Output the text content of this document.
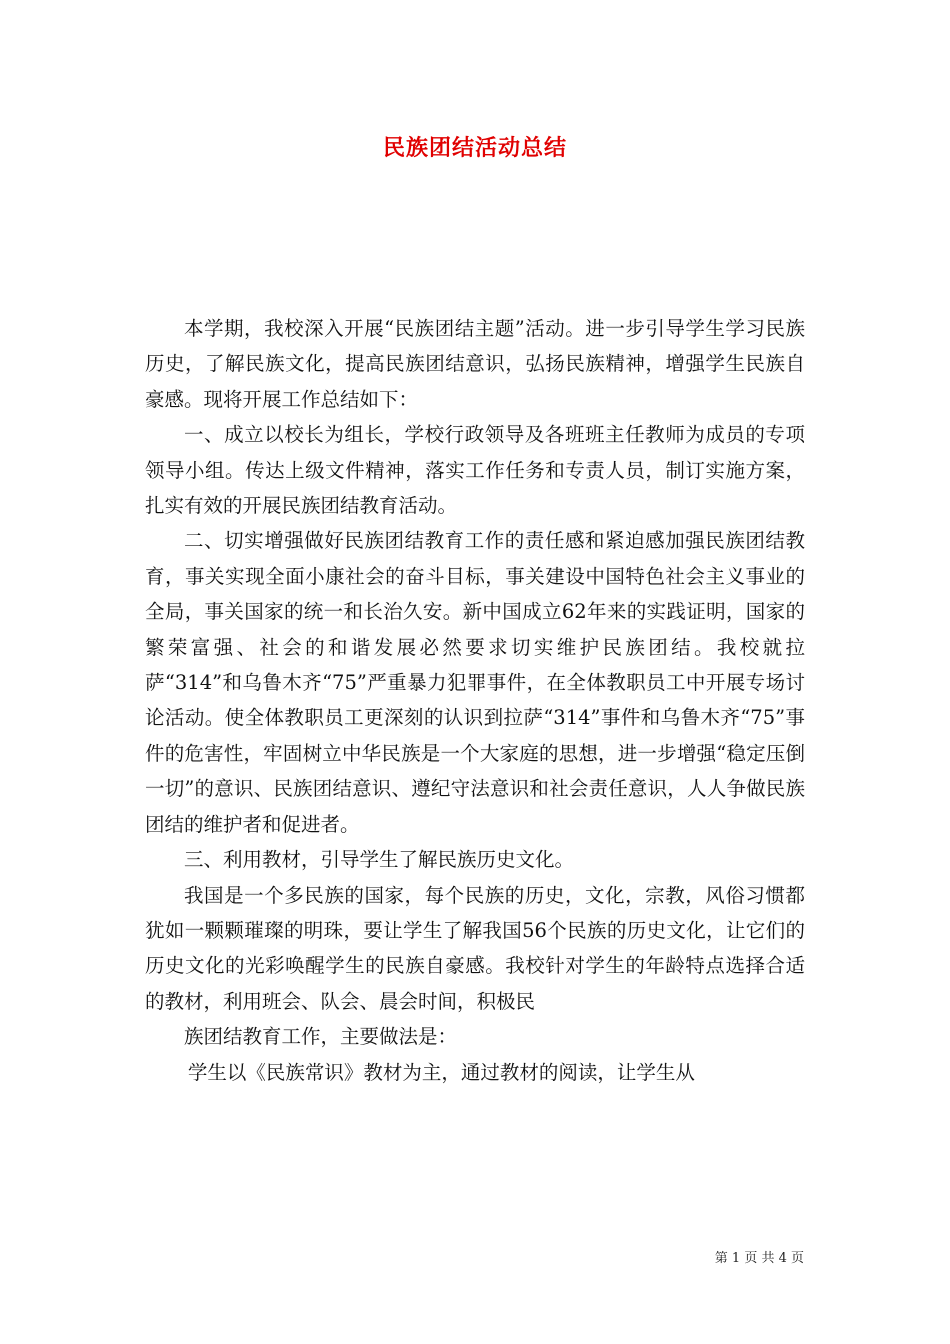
民族团结活动总结

本学期，我校深入开展“民族团结主题”活动。进一步引导学生学习民族历史，了解民族文化，提高民族团结意识，弘扬民族精神，增强学生民族自豪感。现将开展工作总结如下：

一、成立以校长为组长，学校行政领导及各班班主任教师为成员的专项领导小组。传达上级文件精神，落实工作任务和专责人员，制订实施方案，扎实有效的开展民族团结教育活动。

二、切实增强做好民族团结教育工作的责任感和紧迫感加强民族团结教育，事关实现全面小康社会的奋斗目标，事关建设中国特色社会主义事业的全局，事关国家的统一和长治久安。新中国成立62年来的实践证明，国家的繁荣富强、社会的和谐发展必然要求切实维护民族团结。我校就拉萨“314”和乌鲁木齐“75”严重暴力犯罪事件，在全体教职员工中开展专场讨论活动。使全体教职员工更深刻的认识到拉萨“314”事件和乌鲁木齐“75”事件的危害性，牢固树立中华民族是一个大家庭的思想，进一步增强“稳定压倒一切”的意识、民族团结意识、遵纪守法意识和社会责任意识，人人争做民族团结的维护者和促进者。

三、利用教材，引导学生了解民族历史文化。

我国是一个多民族的国家，每个民族的历史，文化，宗教，风俗习惯都犹如一颗颗璀璨的明珠，要让学生了解我国56个民族的历史文化，让它们的历史文化的光彩唤醒学生的民族自豪感。我校针对学生的年龄特点选择合适的教材，利用班会、队会、晨会时间，积极民

族团结教育工作，主要做法是：

学生以《民族常识》教材为主，通过教材的阅读，让学生从

第 1 页 共 4 页
